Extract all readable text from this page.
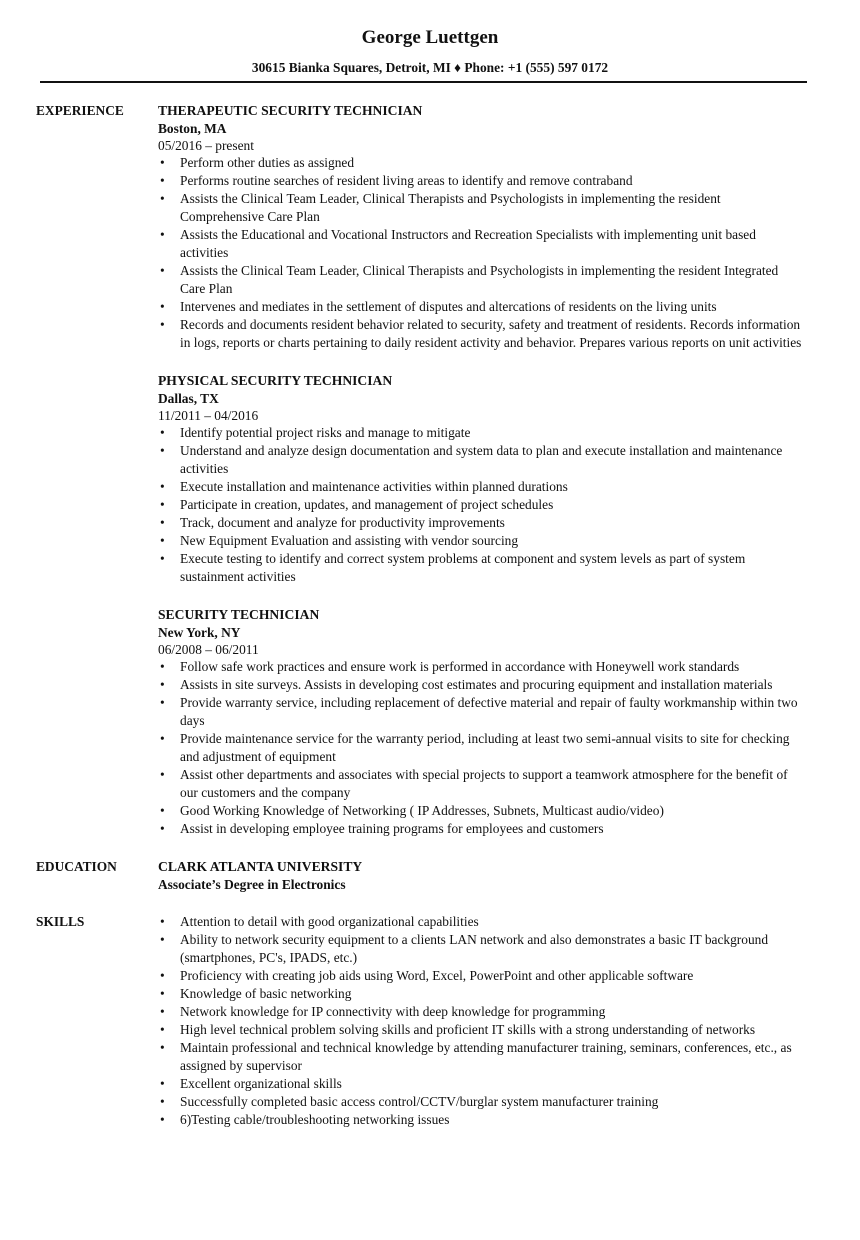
George Luettgen
30615 Bianka Squares, Detroit, MI ♦ Phone: +1 (555) 597 0172
EXPERIENCE	THERAPEUTIC SECURITY TECHNICIAN
Boston, MA
05/2016 – present
• Perform other duties as assigned
• Performs routine searches of resident living areas to identify and remove contraband
• Assists the Clinical Team Leader, Clinical Therapists and Psychologists in implementing the resident Comprehensive Care Plan
• Assists the Educational and Vocational Instructors and Recreation Specialists with implementing unit based activities
• Assists the Clinical Team Leader, Clinical Therapists and Psychologists in implementing the resident Integrated Care Plan
• Intervenes and mediates in the settlement of disputes and altercations of residents on the living units
• Records and documents resident behavior related to security, safety and treatment of residents. Records information in logs, reports or charts pertaining to daily resident activity and behavior. Prepares various reports on unit activities
PHYSICAL SECURITY TECHNICIAN
Dallas, TX
11/2011 – 04/2016
• Identify potential project risks and manage to mitigate
• Understand and analyze design documentation and system data to plan and execute installation and maintenance activities
• Execute installation and maintenance activities within planned durations
• Participate in creation, updates, and management of project schedules
• Track, document and analyze for productivity improvements
• New Equipment Evaluation and assisting with vendor sourcing
• Execute testing to identify and correct system problems at component and system levels as part of system sustainment activities
SECURITY TECHNICIAN
New York, NY
06/2008 – 06/2011
• Follow safe work practices and ensure work is performed in accordance with Honeywell work standards
• Assists in site surveys. Assists in developing cost estimates and procuring equipment and installation materials
• Provide warranty service, including replacement of defective material and repair of faulty workmanship within two days
• Provide maintenance service for the warranty period, including at least two semi-annual visits to site for checking and adjustment of equipment
• Assist other departments and associates with special projects to support a teamwork atmosphere for the benefit of our customers and the company
• Good Working Knowledge of Networking ( IP Addresses, Subnets, Multicast audio/video)
• Assist in developing employee training programs for employees and customers
EDUCATION	CLARK ATLANTA UNIVERSITY
Associate’s Degree in Electronics
SKILLS	• Attention to detail with good organizational capabilities
• Ability to network security equipment to a clients LAN network and also demonstrates a basic IT background (smartphones, PC's, IPADS, etc.)
• Proficiency with creating job aids using Word, Excel, PowerPoint and other applicable software
• Knowledge of basic networking
• Network knowledge for IP connectivity with deep knowledge for programming
• High level technical problem solving skills and proficient IT skills with a strong understanding of networks
• Maintain professional and technical knowledge by attending manufacturer training, seminars, conferences, etc., as assigned by supervisor
• Excellent organizational skills
• Successfully completed basic access control/CCTV/burglar system manufacturer training
• 6)Testing cable/troubleshooting networking issues
